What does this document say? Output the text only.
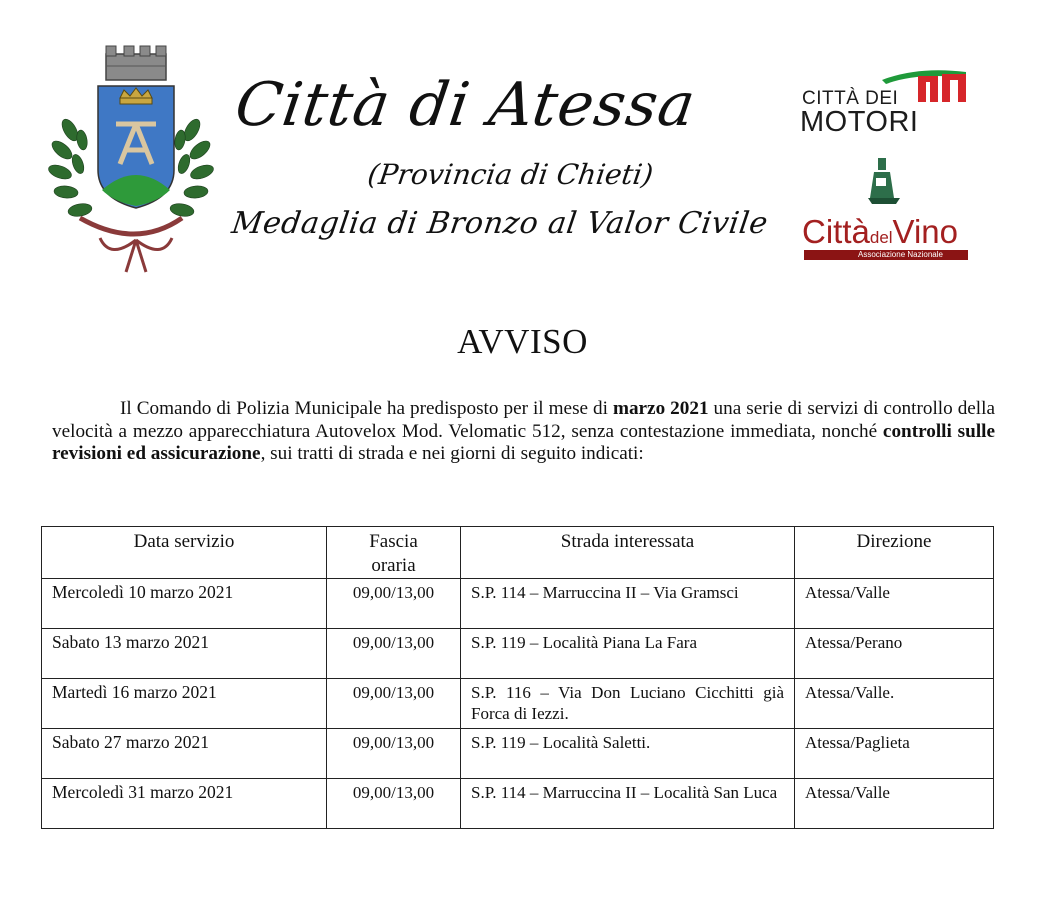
Città di Atessa
(Provincia di Chieti)
Medaglia di Bronzo al Valor Civile
CITTÀ DEI
MOTORI
CittàdelVino
Associazione Nazionale
AVVISO

Il Comando di Polizia Municipale ha predisposto per il mese di marzo 2021 una serie di servizi di controllo della velocità a mezzo apparecchiatura Autovelox Mod. Velomatic 512, senza contestazione immediata, nonché controlli sulle revisioni ed assicurazione, sui tratti di strada e nei giorni di seguito indicati:

Data servizio	Fascia oraria	Strada interessata	Direzione
Mercoledì 10 marzo 2021	09,00/13,00	S.P. 114 – Marruccina II – Via Gramsci	Atessa/Valle
Sabato 13 marzo 2021	09,00/13,00	S.P. 119 – Località Piana La Fara	Atessa/Perano
Martedì 16 marzo 2021	09,00/13,00	S.P. 116 – Via Don Luciano Cicchitti già Forca di Iezzi.	Atessa/Valle.
Sabato 27 marzo 2021	09,00/13,00	S.P. 119 – Località Saletti.	Atessa/Paglieta
Mercoledì 31 marzo 2021	09,00/13,00	S.P. 114 – Marruccina II – Località San Luca	Atessa/Valle
